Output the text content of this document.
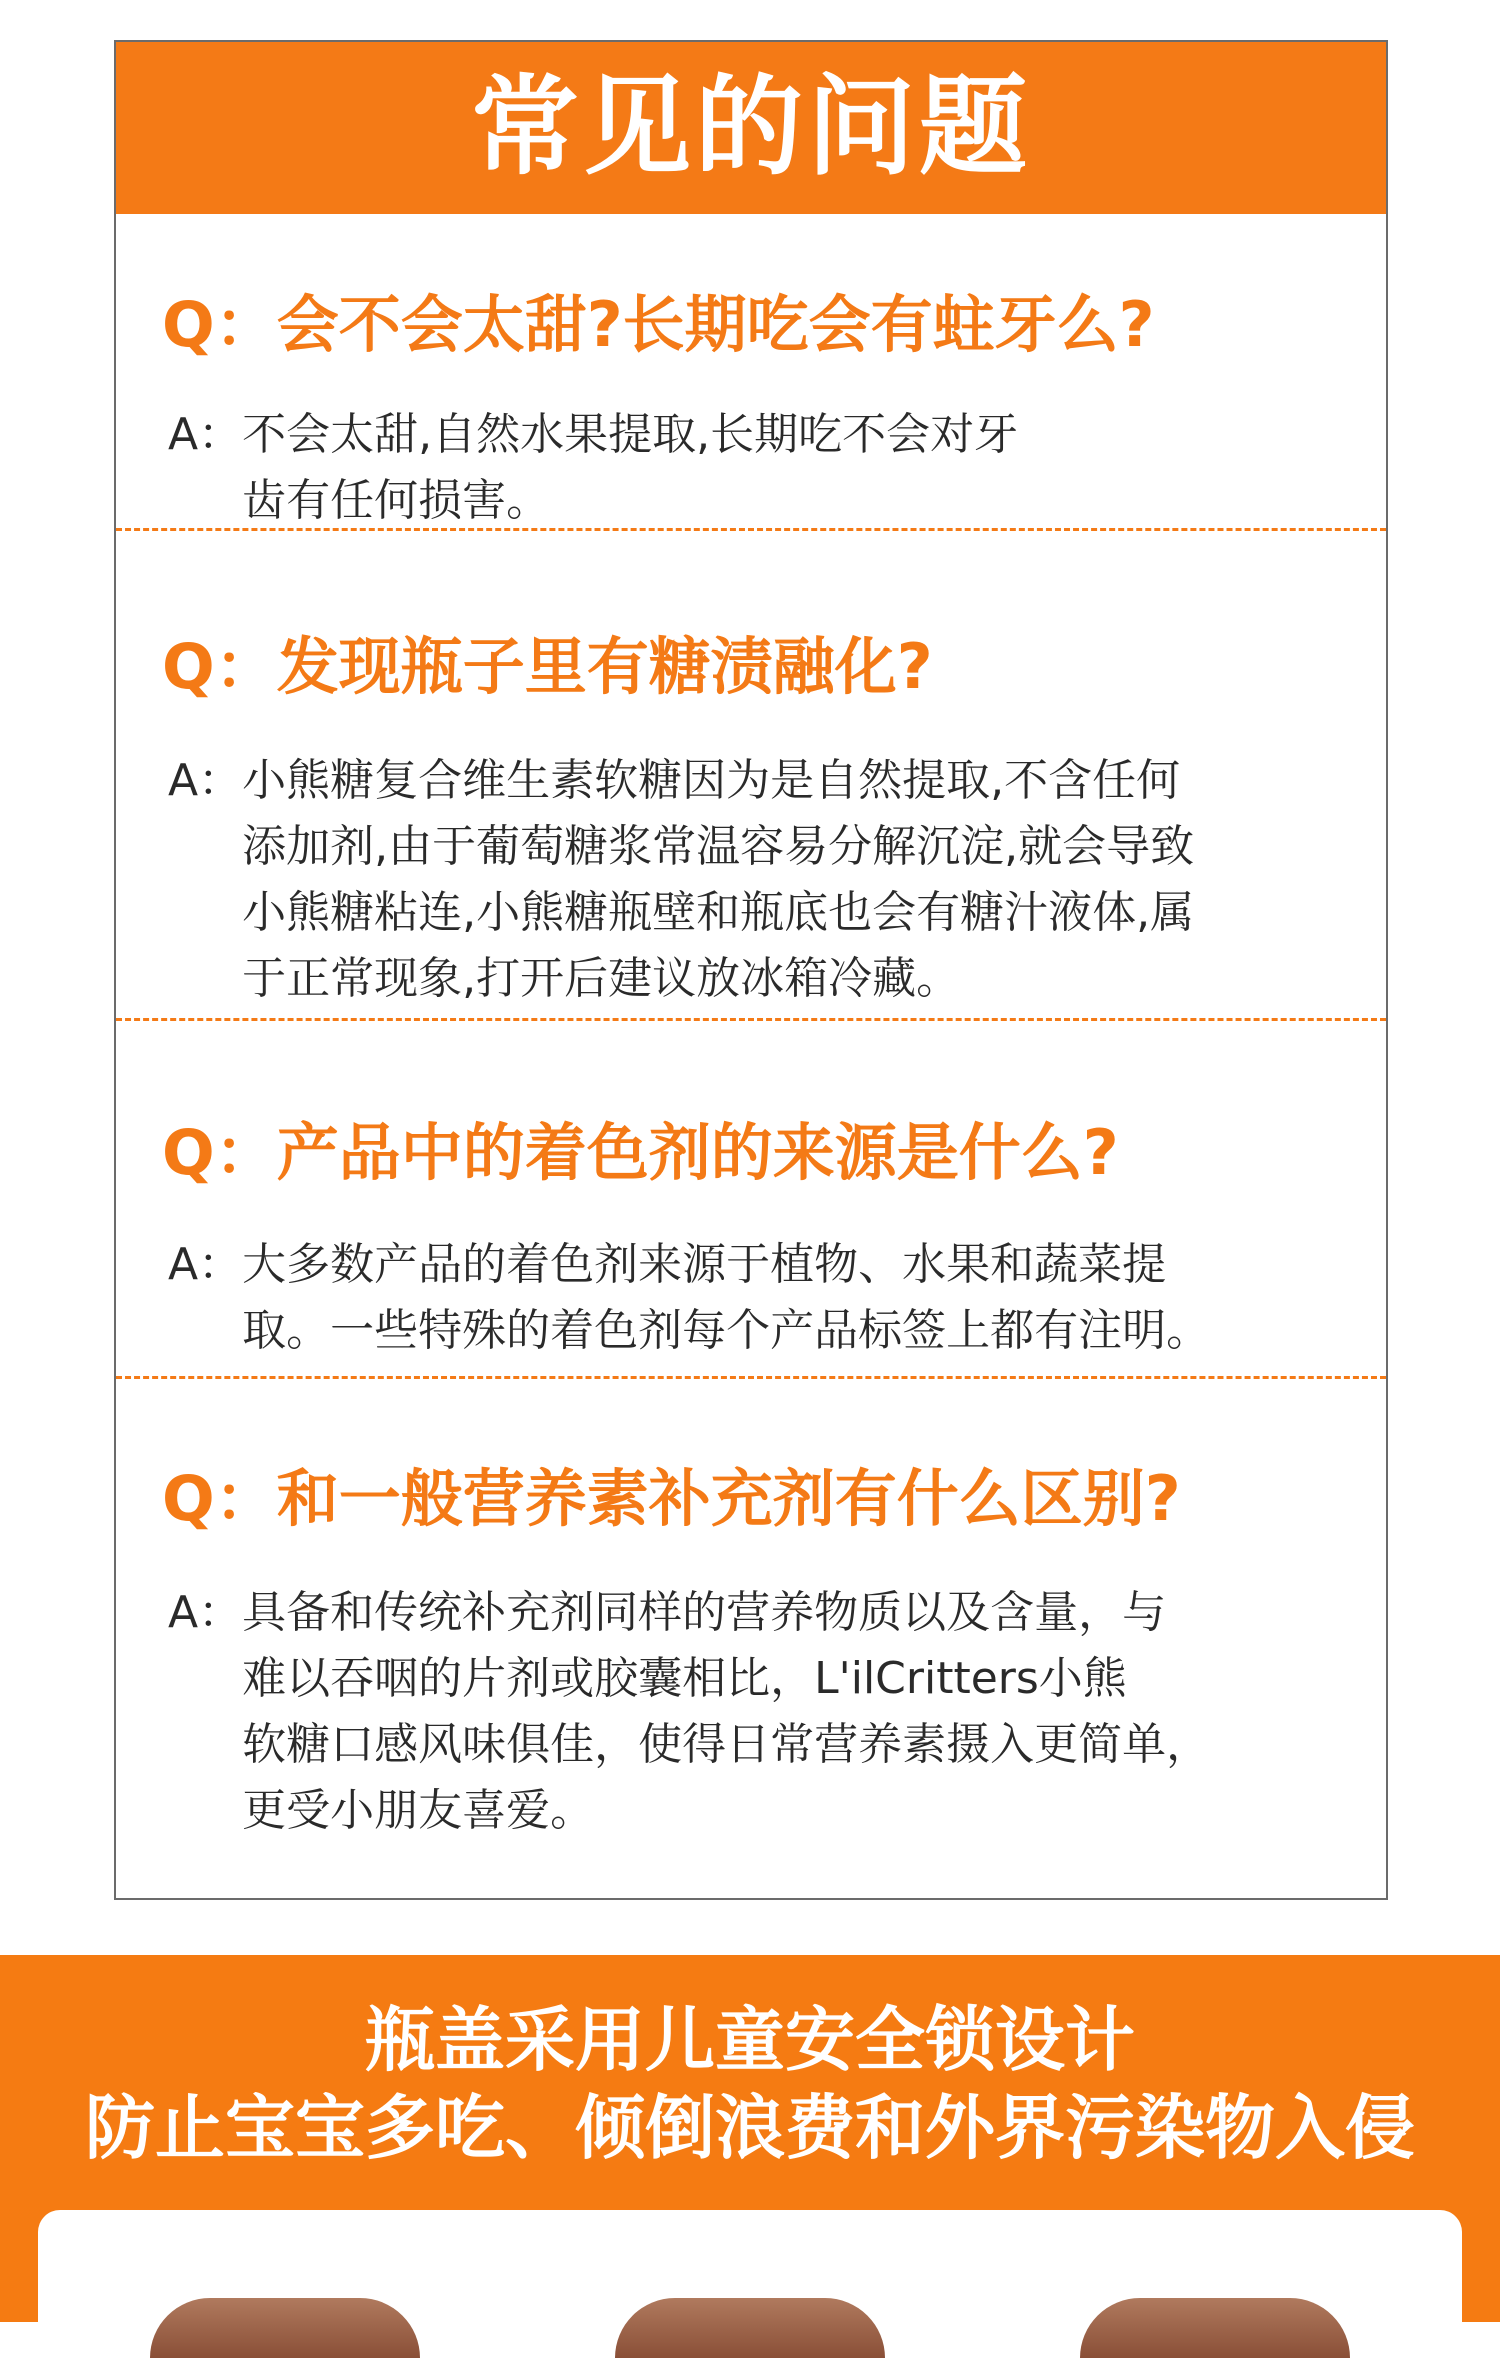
常见的问题
Q：会不会太甜?长期吃会有蛀牙么?
A： 不会太甜,自然水果提取,长期吃不会对牙
齿有任何损害。
Q：发现瓶子里有糖渍融化?
A： 小熊糖复合维生素软糖因为是自然提取,不含任何
添加剂,由于葡萄糖浆常温容易分解沉淀,就会导致
小熊糖粘连,小熊糖瓶壁和瓶底也会有糖汁液体,属
于正常现象,打开后建议放冰箱冷藏。
Q：产品中的着色剂的来源是什么?
A： 大多数产品的着色剂来源于植物、水果和蔬菜提
取。一些特殊的着色剂每个产品标签上都有注明。
Q：和一般营养素补充剂有什么区别?
A： 具备和传统补充剂同样的营养物质以及含量，与
难以吞咽的片剂或胶囊相比，L'ilCritters小熊
软糖口感风味俱佳，使得日常营养素摄入更简单，
更受小朋友喜爱。
瓶盖采用儿童安全锁设计
防止宝宝多吃、倾倒浪费和外界污染物入侵
